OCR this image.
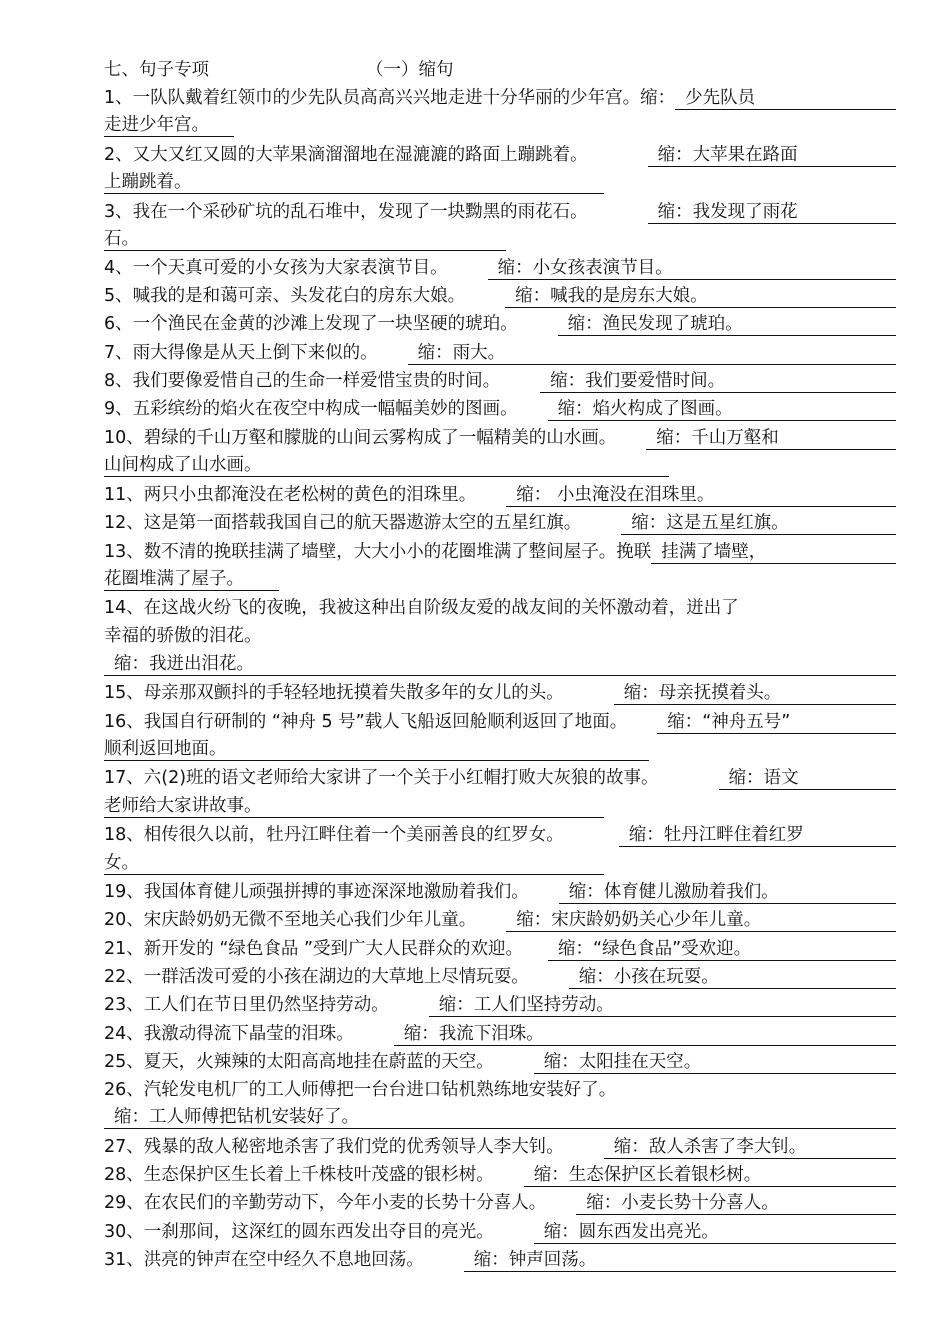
七、句子专项	（一）缩句
1、一队队戴着红领巾的少先队员高高兴兴地走进十分华丽的少年宫。缩： 少先队员
走进少年宫。
2、又大又红又圆的大苹果滴溜溜地在湿漉漉的路面上蹦跳着。	缩：大苹果在路面
上蹦跳着。
3、我在一个采砂矿坑的乱石堆中，发现了一块黝黑的雨花石。	缩：我发现了雨花
石。
4、一个天真可爱的小女孩为大家表演节目。	缩：小女孩表演节目。
5、喊我的是和蔼可亲、头发花白的房东大娘。	缩：喊我的是房东大娘。
6、一个渔民在金黄的沙滩上发现了一块坚硬的琥珀。	缩：渔民发现了琥珀。
7、雨大得像是从天上倒下来似的。 缩：雨大。
8、我们要像爱惜自己的生命一样爱惜宝贵的时间。	缩：我们要爱惜时间。
9、五彩缤纷的焰火在夜空中构成一幅幅美妙的图画。 缩：焰火构成了图画。
10、碧绿的千山万壑和朦胧的山间云雾构成了一幅精美的山水画。 缩：千山万壑和
山间构成了山水画。
11、两只小虫都淹没在老松树的黄色的泪珠里。 缩： 小虫淹没在泪珠里。
12、这是第一面搭载我国自己的航天器遨游太空的五星红旗。	缩：这是五星红旗。
13、数不清的挽联挂满了墙壁，大大小小的花圈堆满了整间屋子。挽联 挂满了墙壁，
花圈堆满了屋子。
14、在这战火纷飞的夜晚，我被这种出自阶级友爱的战友间的关怀激动着，迸出了
幸福的骄傲的泪花。
缩：我迸出泪花。
15、母亲那双颤抖的手轻轻地抚摸着失散多年的女儿的头。	缩：母亲抚摸着头。
16、我国自行研制的 “神舟 5 号”载人飞船返回舱顺利返回了地面。 缩：“神舟五号”
顺利返回地面。
17、六(2)班的语文老师给大家讲了一个关于小红帽打败大灰狼的故事。	缩：语文
老师给大家讲故事。
18、相传很久以前，牡丹江畔住着一个美丽善良的红罗女。	缩：牡丹江畔住着红罗
女。
19、我国体育健儿顽强拼搏的事迹深深地激励着我们。 缩：体育健儿激励着我们。
20、宋庆龄奶奶无微不至地关心我们少年儿童。 缩：宋庆龄奶奶关心少年儿童。
21、新开发的 “绿色食品 ”受到广大人民群众的欢迎。 缩：“绿色食品”受欢迎。
22、一群活泼可爱的小孩在湖边的大草地上尽情玩耍。	缩：小孩在玩耍。
23、工人们在节日里仍然坚持劳动。	缩：工人们坚持劳动。
24、我激动得流下晶莹的泪珠。	缩：我流下泪珠。
25、夏天，火辣辣的太阳高高地挂在蔚蓝的天空。	缩：太阳挂在天空。
26、汽轮发电机厂的工人师傅把一台台进口钻机熟练地安装好了。
缩：工人师傅把钻机安装好了。
27、残暴的敌人秘密地杀害了我们党的优秀领导人李大钊。	缩：敌人杀害了李大钊。
28、生态保护区生长着上千株枝叶茂盛的银杉树。 缩：生态保护区长着银杉树。
29、在农民们的辛勤劳动下，今年小麦的长势十分喜人。 缩：小麦长势十分喜人。
30、一刹那间，这深红的圆东西发出夺目的亮光。	缩：圆东西发出亮光。
31、洪亮的钟声在空中经久不息地回荡。	缩：钟声回荡。
